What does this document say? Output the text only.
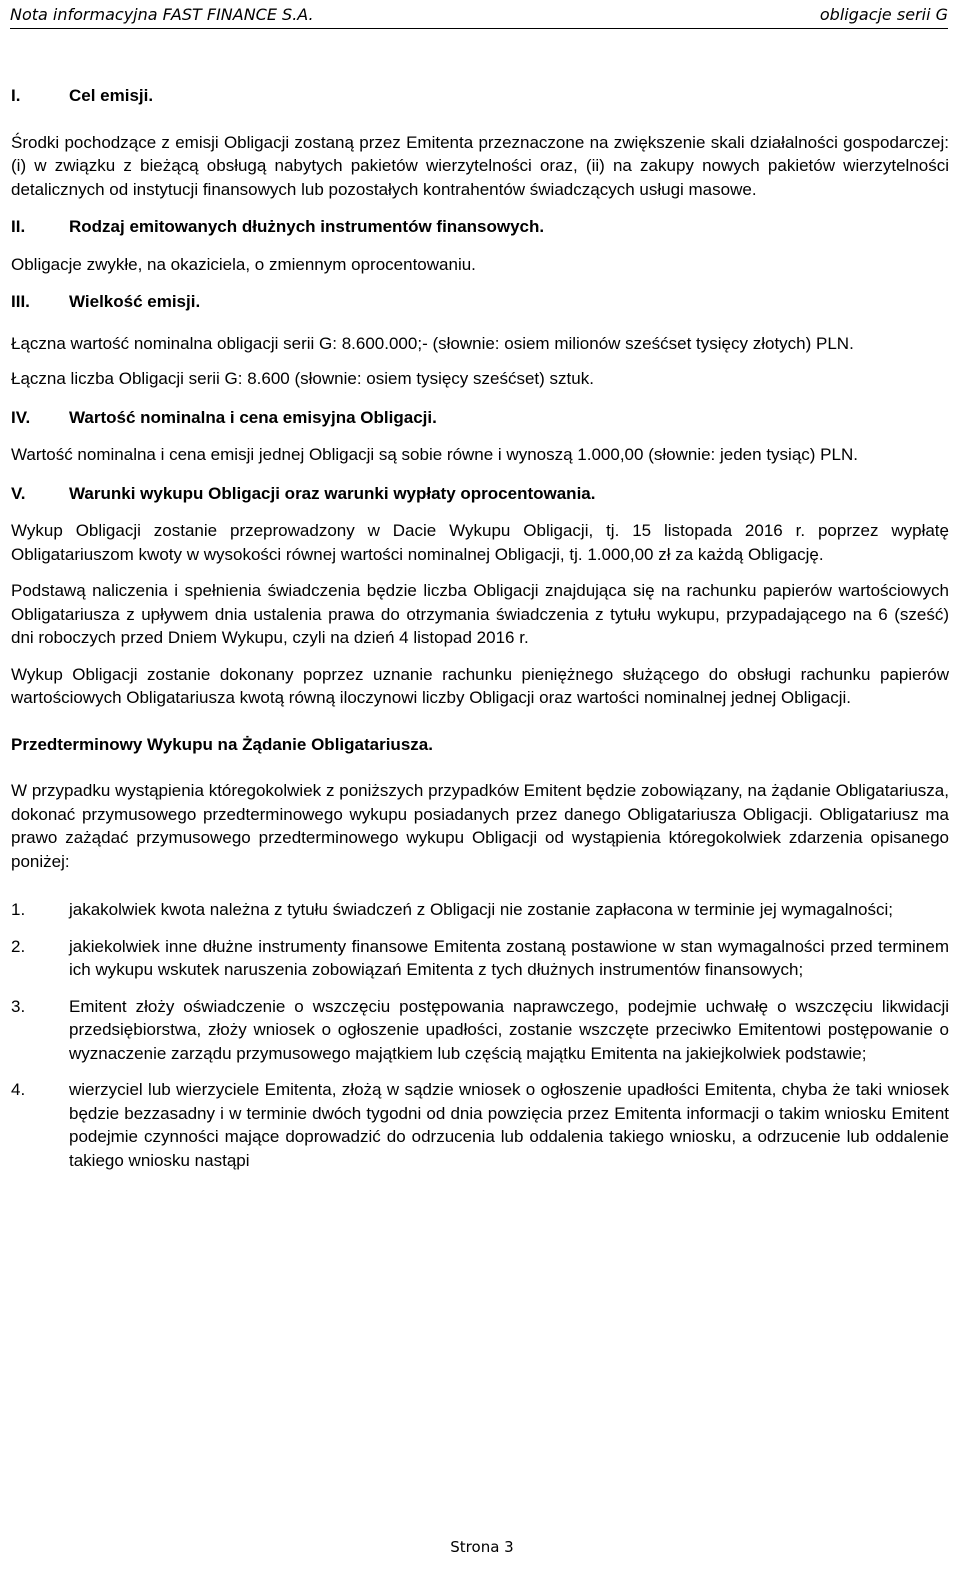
Nota informacyjna FAST FINANCE S.A.	obligacje serii G
I.	Cel emisji.

Środki pochodzące z emisji Obligacji zostaną przez Emitenta przeznaczone na zwiększenie skali działalności gospodarczej: (i) w związku z bieżącą obsługą nabytych pakietów wierzytelności oraz, (ii) na zakupy nowych pakietów wierzytelności detalicznych od instytucji finansowych lub pozostałych kontrahentów świadczących usługi masowe.

II.	Rodzaj emitowanych dłużnych instrumentów finansowych.

Obligacje zwykłe, na okaziciela, o zmiennym oprocentowaniu.

III.	Wielkość emisji.

Łączna wartość nominalna obligacji serii G: 8.600.000;- (słownie: osiem milionów sześćset tysięcy złotych) PLN.

Łączna liczba Obligacji serii G: 8.600 (słownie: osiem tysięcy sześćset) sztuk.

IV.	Wartość nominalna i cena emisyjna Obligacji.

Wartość nominalna i cena emisji jednej Obligacji są sobie równe i wynoszą 1.000,00 (słownie: jeden tysiąc) PLN.

V.	Warunki wykupu Obligacji oraz warunki wypłaty oprocentowania.

Wykup Obligacji zostanie przeprowadzony w Dacie Wykupu Obligacji, tj. 15 listopada 2016 r. poprzez wypłatę Obligatariuszom kwoty w wysokości równej wartości nominalnej Obligacji, tj. 1.000,00 zł za każdą Obligację.

Podstawą naliczenia i spełnienia świadczenia będzie liczba Obligacji znajdująca się na rachunku papierów wartościowych Obligatariusza z upływem dnia ustalenia prawa do otrzymania świadczenia z tytułu wykupu, przypadającego na 6 (sześć) dni roboczych przed Dniem Wykupu, czyli na dzień 4 listopad 2016 r.

Wykup Obligacji zostanie dokonany poprzez uznanie rachunku pieniężnego służącego do obsługi rachunku papierów wartościowych Obligatariusza kwotą równą iloczynowi liczby Obligacji oraz wartości nominalnej jednej Obligacji.

Przedterminowy Wykupu na Żądanie Obligatariusza.

W przypadku wystąpienia któregokolwiek z poniższych przypadków Emitent będzie zobowiązany, na żądanie Obligatariusza, dokonać przymusowego przedterminowego wykupu posiadanych przez danego Obligatariusza Obligacji. Obligatariusz ma prawo zażądać przymusowego przedterminowego wykupu Obligacji od wystąpienia któregokolwiek zdarzenia opisanego poniżej:

1.	jakakolwiek kwota należna z tytułu świadczeń z Obligacji nie zostanie zapłacona w terminie jej wymagalności;
2.	jakiekolwiek inne dłużne instrumenty finansowe Emitenta zostaną postawione w stan wymagalności przed terminem ich wykupu wskutek naruszenia zobowiązań Emitenta z tych dłużnych instrumentów finansowych;
3.	Emitent złoży oświadczenie o wszczęciu postępowania naprawczego, podejmie uchwałę o wszczęciu likwidacji przedsiębiorstwa, złoży wniosek o ogłoszenie upadłości, zostanie wszczęte przeciwko Emitentowi postępowanie o wyznaczenie zarządu przymusowego majątkiem lub częścią majątku Emitenta na jakiejkolwiek podstawie;
4.	wierzyciel lub wierzyciele Emitenta, złożą w sądzie wniosek o ogłoszenie upadłości Emitenta, chyba że taki wniosek będzie bezzasadny i w terminie dwóch tygodni od dnia powzięcia przez Emitenta informacji o takim wniosku Emitent podejmie czynności mające doprowadzić do odrzucenia lub oddalenia takiego wniosku, a odrzucenie lub oddalenie takiego wniosku nastąpi
Strona 3
